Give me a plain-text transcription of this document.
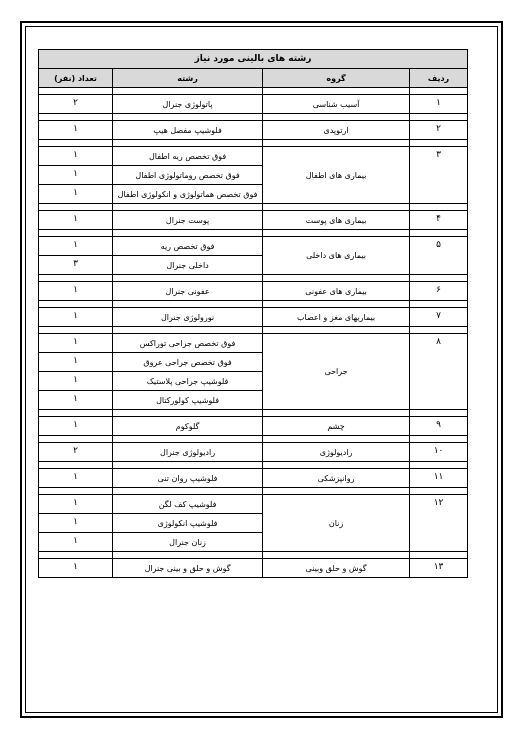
رشته های بالینی مورد نیاز			
ردیف	گروه	رشته	تعداد (نفر)

۱	آسیب شناسی	پاتولوژی جنرال	۲

۲	ارتوپدی	فلوشیپ مفصل هیپ	۱

۳	بیماری های اطفال	فوق تخصص ریه اطفال	۱
		فوق تخصص روماتولوژی اطفال	۱
		فوق تخصص هماتولوژی و انکولوژی اطفال	۱

۴	بیماری های پوست	پوست جنرال	۱

۵	بیماری های داخلی	فوق تخصص ریه	۱
		داخلی جنرال	۳

۶	بیماری های عفونی	عفونی جنرال	۱

۷	بیماریهای مغز و اعصاب	نورولوژی جنرال	۱

۸	جراحی	فوق تخصص جراحی توراکس	۱
		فوق تخصص جراحی عروق	۱
		فلوشیپ جراحی پلاستیک	۱
		فلوشیپ کولورکتال	۱

۹	چشم	گلوکوم	۱

۱۰	رادیولوژی	رادیولوژی جنرال	۲

۱۱	روانپزشکی	فلوشیپ روان تنی	۱

۱۲	زنان	فلوشیپ کف لگن	۱
		فلوشیپ انکولوژی	۱
		زنان جنرال	۱

۱۳	گوش و حلق وبینی	گوش و حلق و بینی جنرال	۱
